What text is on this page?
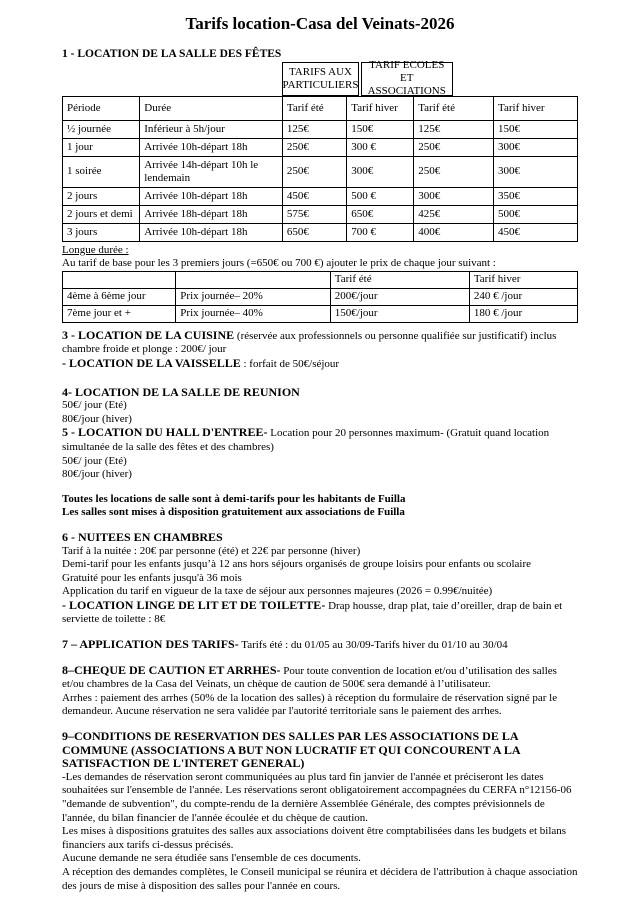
Tarifs location-Casa del Veinats-2026

1 - LOCATION DE LA SALLE DES FÊTES

TARIFS AUX PARTICULIERS
TARIF ECOLES ET ASSOCIATIONS
Période	Durée	Tarif été	Tarif hiver	Tarif été	Tarif hiver
½ journée	Inférieur à 5h/jour	125€	150€	125€	150€
1 jour	Arrivée 10h-départ 18h	250€	300 €	250€	300€
1 soirée	Arrivée 14h-départ 10h le lendemain	250€	300€	250€	300€
2 jours	Arrivée 10h-départ 18h	450€	500 €	300€	350€
2 jours et demi	Arrivée 18h-départ 18h	575€	650€	425€	500€
3 jours	Arrivée 10h-départ 18h	650€	700 €	400€	450€

Longue durée :

Au tarif de base pour les 3 premiers jours (=650€ ou 700 €) ajouter le prix de chaque jour suivant :

		Tarif été	Tarif hiver
4ème à 6ème jour	Prix journée– 20%	200€/jour	240 € /jour
7ème jour et +	Prix journée– 40%	150€/jour	180 € /jour

3 - LOCATION DE LA CUISINE (réservée aux professionnels ou personne qualifiée sur justificatif) inclus chambre froide et plonge : 200€/ jour

- LOCATION DE LA VAISSELLE : forfait de 50€/séjour

4- LOCATION DE LA SALLE DE REUNION

50€/ jour (Eté)

80€/jour (hiver)

5 - LOCATION DU HALL D'ENTREE- Location pour 20 personnes maximum- (Gratuit quand location simultanée de la salle des fêtes et des chambres)

50€/ jour (Eté)

80€/jour (hiver)

Toutes les locations de salle sont à demi-tarifs pour les habitants de Fuilla

Les salles sont mises à disposition gratuitement aux associations de Fuilla

6 - NUITEES EN CHAMBRES

Tarif à la nuitée : 20€ par personne (été) et 22€ par personne (hiver)

Demi-tarif pour les enfants jusqu’à 12 ans hors séjours organisés de groupe loisirs pour enfants ou scolaire

Gratuité pour les enfants jusqu'à 36 mois

Application du tarif en vigueur de la taxe de séjour aux personnes majeures (2026 = 0.99€/nuitée)

- LOCATION LINGE DE LIT ET DE TOILETTE- Drap housse, drap plat, taie d’oreiller, drap de bain et serviette de toilette : 8€

7 – APPLICATION DES TARIFS- Tarifs été : du 01/05 au 30/09-Tarifs hiver du 01/10 au 30/04

8–CHEQUE DE CAUTION ET ARRHES- Pour toute convention de location et/ou d’utilisation des salles et/ou chambres de la Casa del Veinats, un chèque de caution de 500€ sera demandé à l’utilisateur.

Arrhes : paiement des arrhes (50% de la location des salles) à réception du formulaire de réservation signé par le demandeur. Aucune réservation ne sera validée par l'autorité territoriale sans le paiement des arrhes.

9–CONDITIONS DE RESERVATION DES SALLES PAR LES ASSOCIATIONS DE LA COMMUNE (ASSOCIATIONS A BUT NON LUCRATIF ET QUI CONCOURENT A LA SATISFACTION DE L'INTERET GENERAL)

-Les demandes de réservation seront communiquées au plus tard fin janvier de l'année et préciseront les dates souhaitées sur l'ensemble de l'année. Les réservations seront obligatoirement accompagnées du CERFA n°12156-06 "demande de subvention", du compte-rendu de la dernière Assemblée Générale, des comptes prévisionnels de l'année, du bilan financier de l'année écoulée et du chèque de caution.

Les mises à dispositions gratuites des salles aux associations doivent être comptabilisées dans les budgets et bilans financiers aux tarifs ci-dessus précisés.

Aucune demande ne sera étudiée sans l'ensemble de ces documents.

A réception des demandes complètes, le Conseil municipal se réunira et décidera de l'attribution à chaque association des jours de mise à disposition des salles pour l'année en cours.
